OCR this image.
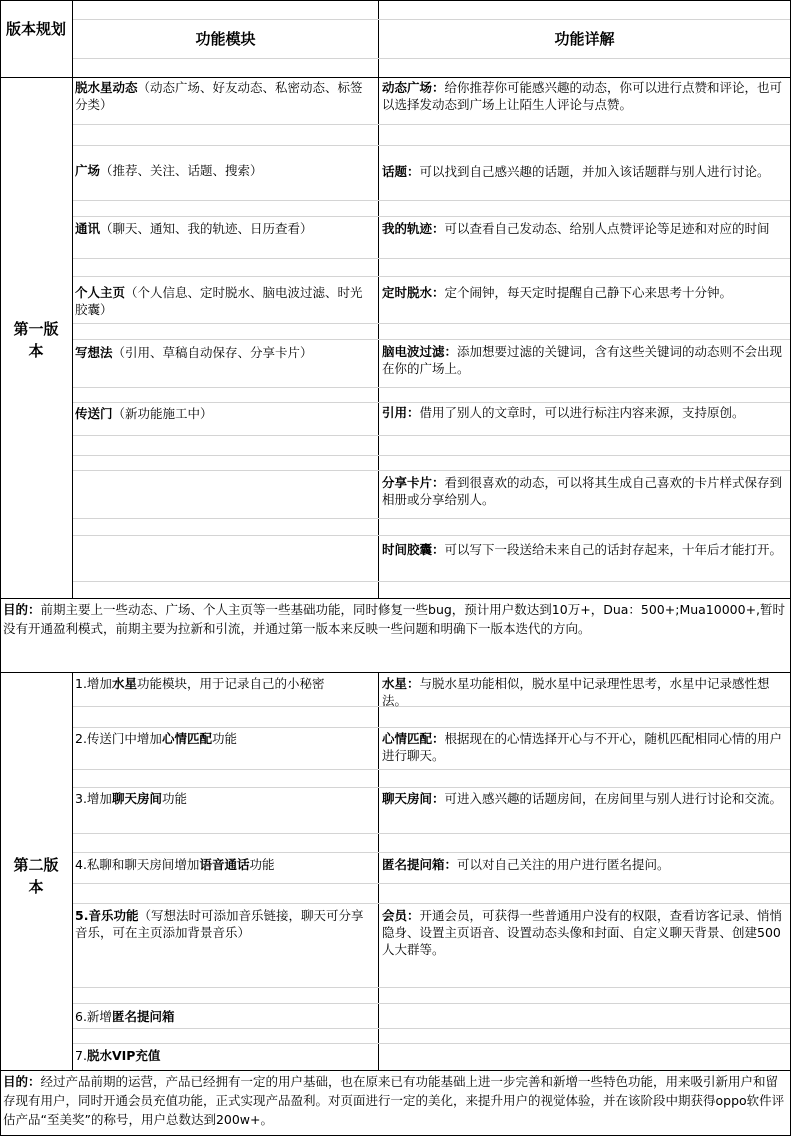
版本规划
功能模块	功能详解
第一版本
脱水星动态（动态广场、好友动态、私密动态、标签分类）
广场（推荐、关注、话题、搜索）
通讯（聊天、通知、我的轨迹、日历查看）
个人主页（个人信息、定时脱水、脑电波过滤、时光胶囊）
写想法（引用、草稿自动保存、分享卡片）
传送门（新功能施工中）
动态广场：给你推荐你可能感兴趣的动态，你可以进行点赞和评论，也可以选择发动态到广场上让陌生人评论与点赞。
话题：可以找到自己感兴趣的话题，并加入该话题群与别人进行讨论。
我的轨迹：可以查看自己发动态、给别人点赞评论等足迹和对应的时间
定时脱水：定个闹钟，每天定时提醒自己静下心来思考十分钟。
脑电波过滤：添加想要过滤的关键词，含有这些关键词的动态则不会出现在你的广场上。
引用：借用了别人的文章时，可以进行标注内容来源，支持原创。
分享卡片：看到很喜欢的动态，可以将其生成自己喜欢的卡片样式保存到相册或分享给别人。
时间胶囊：可以写下一段送给未来自己的话封存起来，十年后才能打开。
目的：前期主要上一些动态、广场、个人主页等一些基础功能，同时修复一些bug，预计用户数达到10万+，Dua：500+;Mua10000+,暂时没有开通盈利模式，前期主要为拉新和引流，并通过第一版本来反映一些问题和明确下一版本迭代的方向。
第二版本
1.增加水星功能模块，用于记录自己的小秘密
2.传送门中增加心情匹配功能
3.增加聊天房间功能
4.私聊和聊天房间增加语音通话功能
5.音乐功能（写想法时可添加音乐链接，聊天可分享音乐，可在主页添加背景音乐）
6.新增匿名提问箱
7.脱水VIP充值
水星：与脱水星功能相似，脱水星中记录理性思考，水星中记录感性想法。
心情匹配：根据现在的心情选择开心与不开心，随机匹配相同心情的用户进行聊天。
聊天房间：可进入感兴趣的话题房间，在房间里与别人进行讨论和交流。
匿名提问箱：可以对自己关注的用户进行匿名提问。
会员：开通会员，可获得一些普通用户没有的权限，查看访客记录、悄悄隐身、设置主页语音、设置动态头像和封面、自定义聊天背景、创建500人大群等。
目的：经过产品前期的运营，产品已经拥有一定的用户基础，也在原来已有功能基础上进一步完善和新增一些特色功能，用来吸引新用户和留存现有用户，同时开通会员充值功能，正式实现产品盈利。对页面进行一定的美化，来提升用户的视觉体验，并在该阶段中期获得oppo软件评估产品“至美奖”的称号，用户总数达到200w+。
